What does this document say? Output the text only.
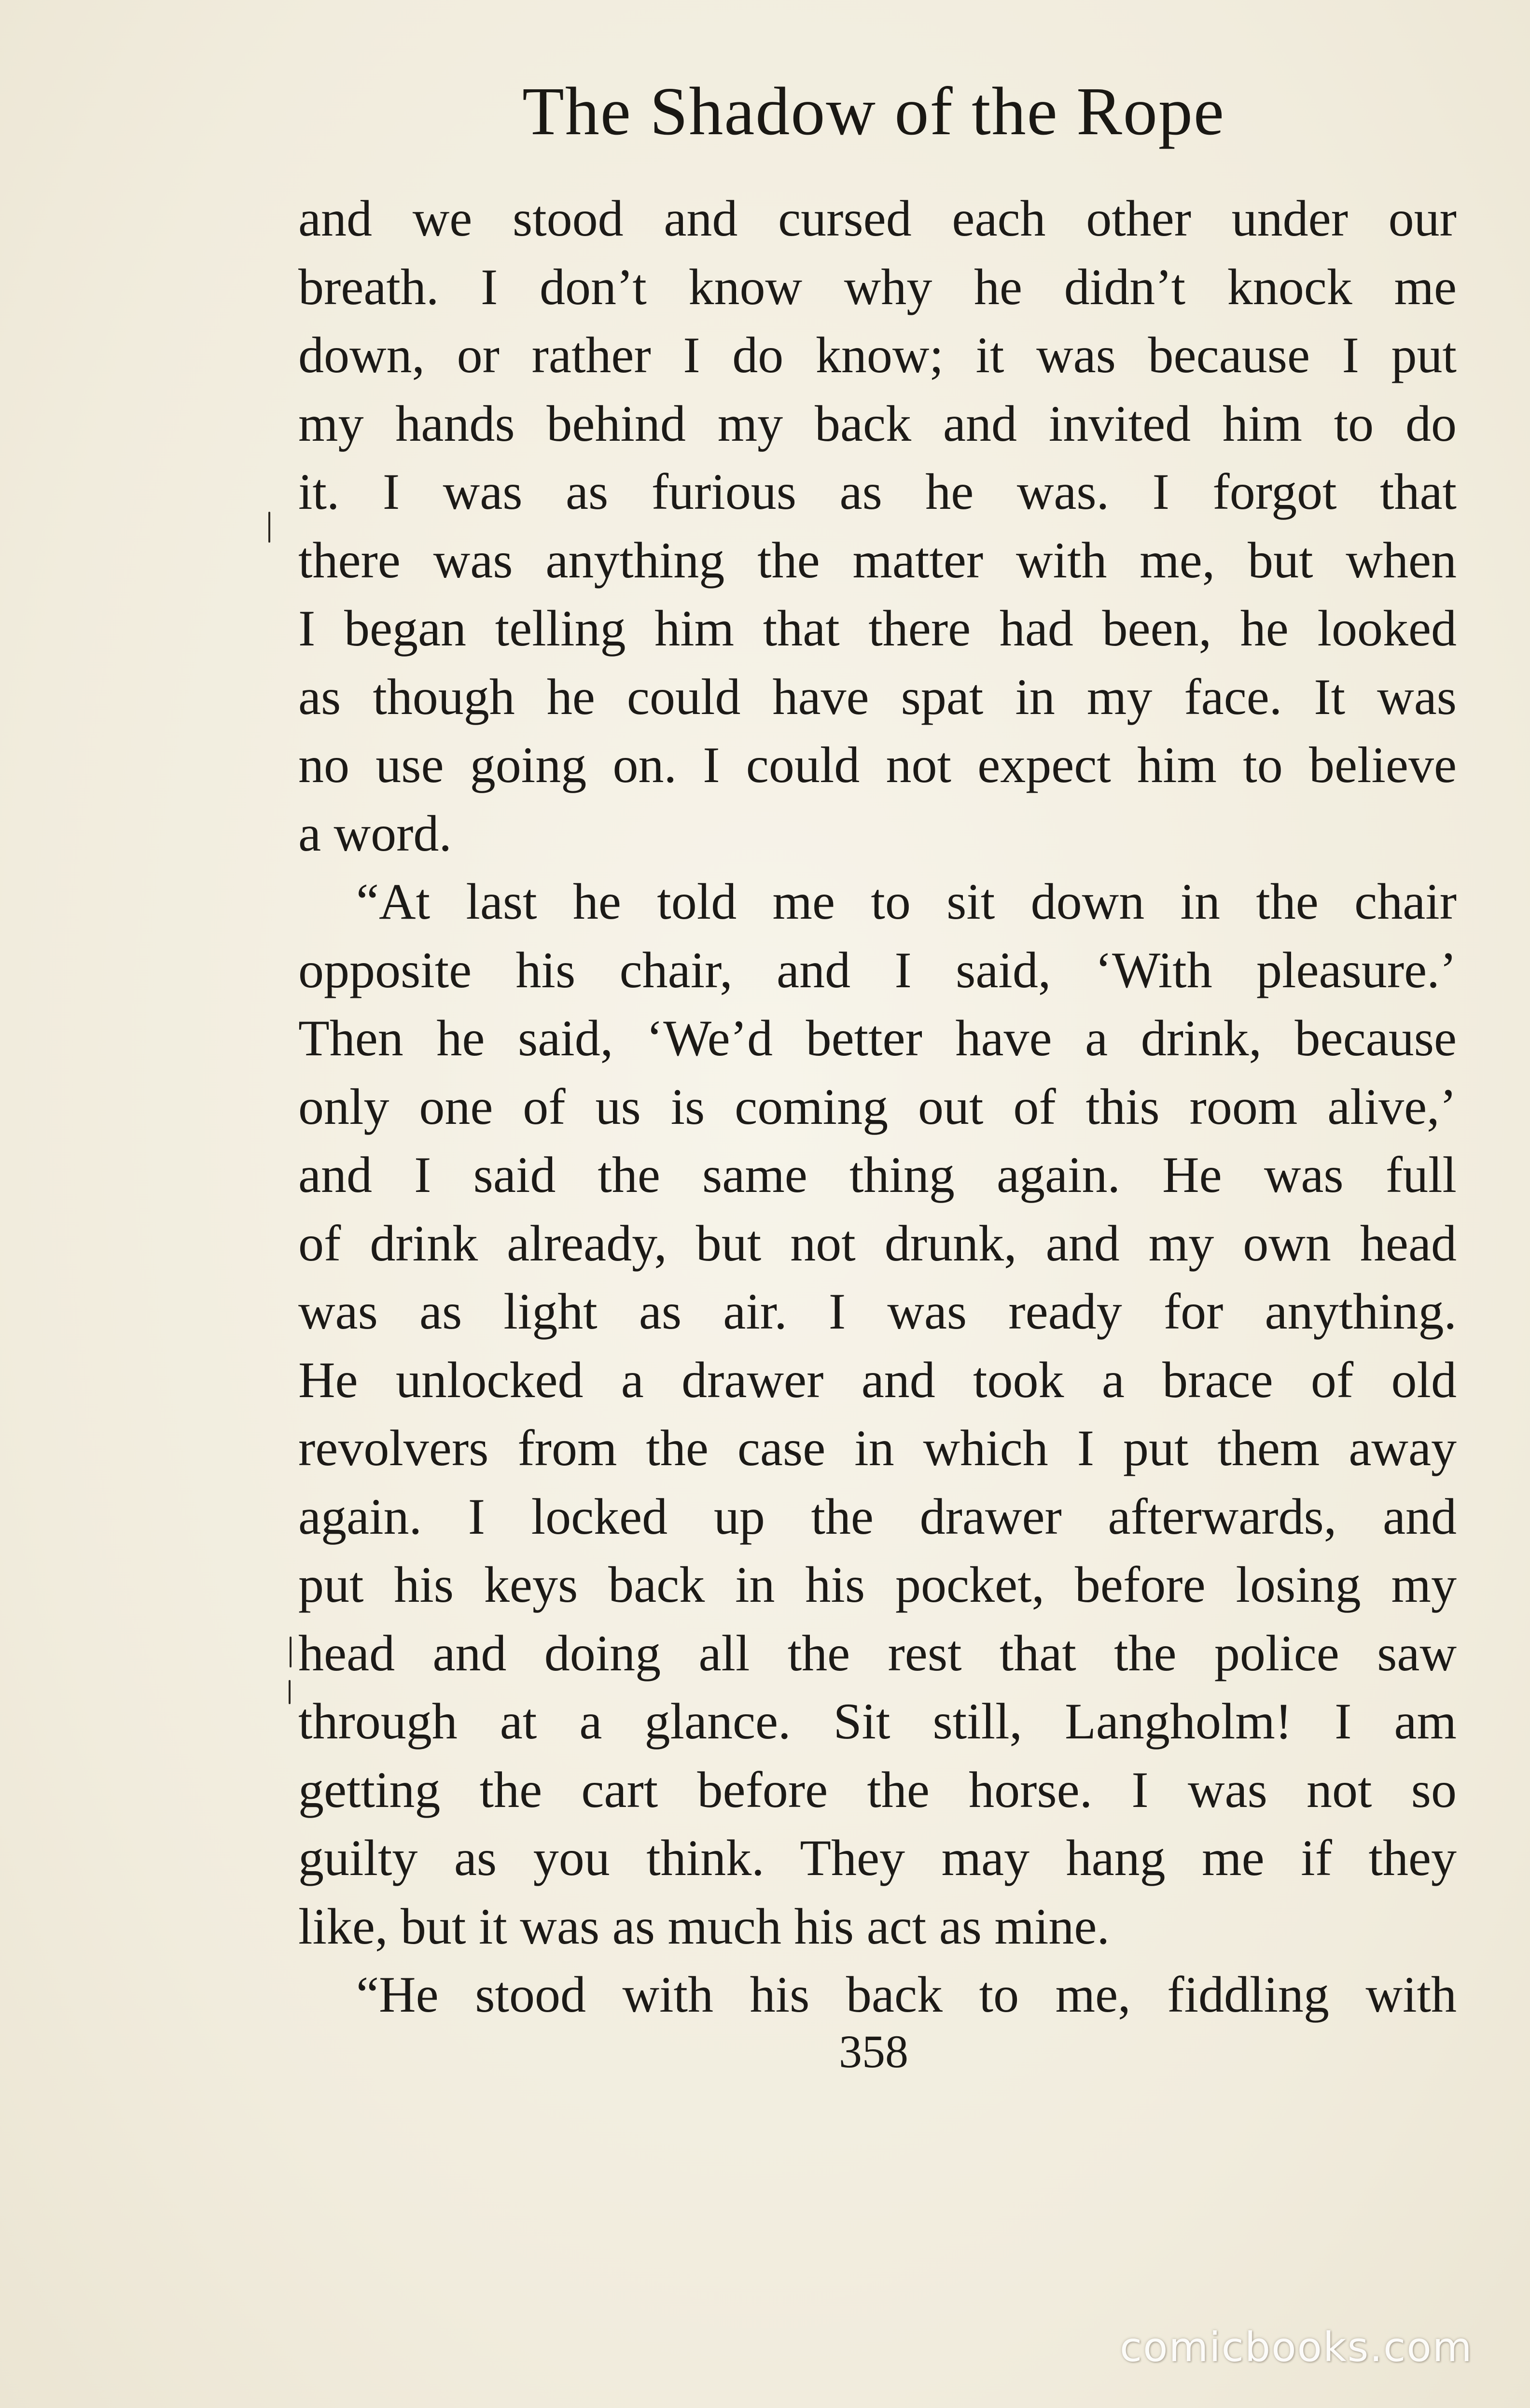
The Shadow of the Rope
and we stood and cursed each other under our
breath. I don’t know why he didn’t knock me
down, or rather I do know; it was because I put
my hands behind my back and invited him to do
it. I was as furious as he was. I forgot that
there was anything the matter with me, but when
I began telling him that there had been, he looked
as though he could have spat in my face. It was
no use going on. I could not expect him to believe
a word.
“At last he told me to sit down in the chair
opposite his chair, and I said, ‘With pleasure.’
Then he said, ‘We’d better have a drink, because
only one of us is coming out of this room alive,’
and I said the same thing again. He was full
of drink already, but not drunk, and my own head
was as light as air. I was ready for anything.
He unlocked a drawer and took a brace of old
revolvers from the case in which I put them away
again. I locked up the drawer afterwards, and
put his keys back in his pocket, before losing my
head and doing all the rest that the police saw
through at a glance. Sit still, Langholm! I am
getting the cart before the horse. I was not so
guilty as you think. They may hang me if they
like, but it was as much his act as mine.
“He stood with his back to me, fiddling with
358
comicbooks.com
